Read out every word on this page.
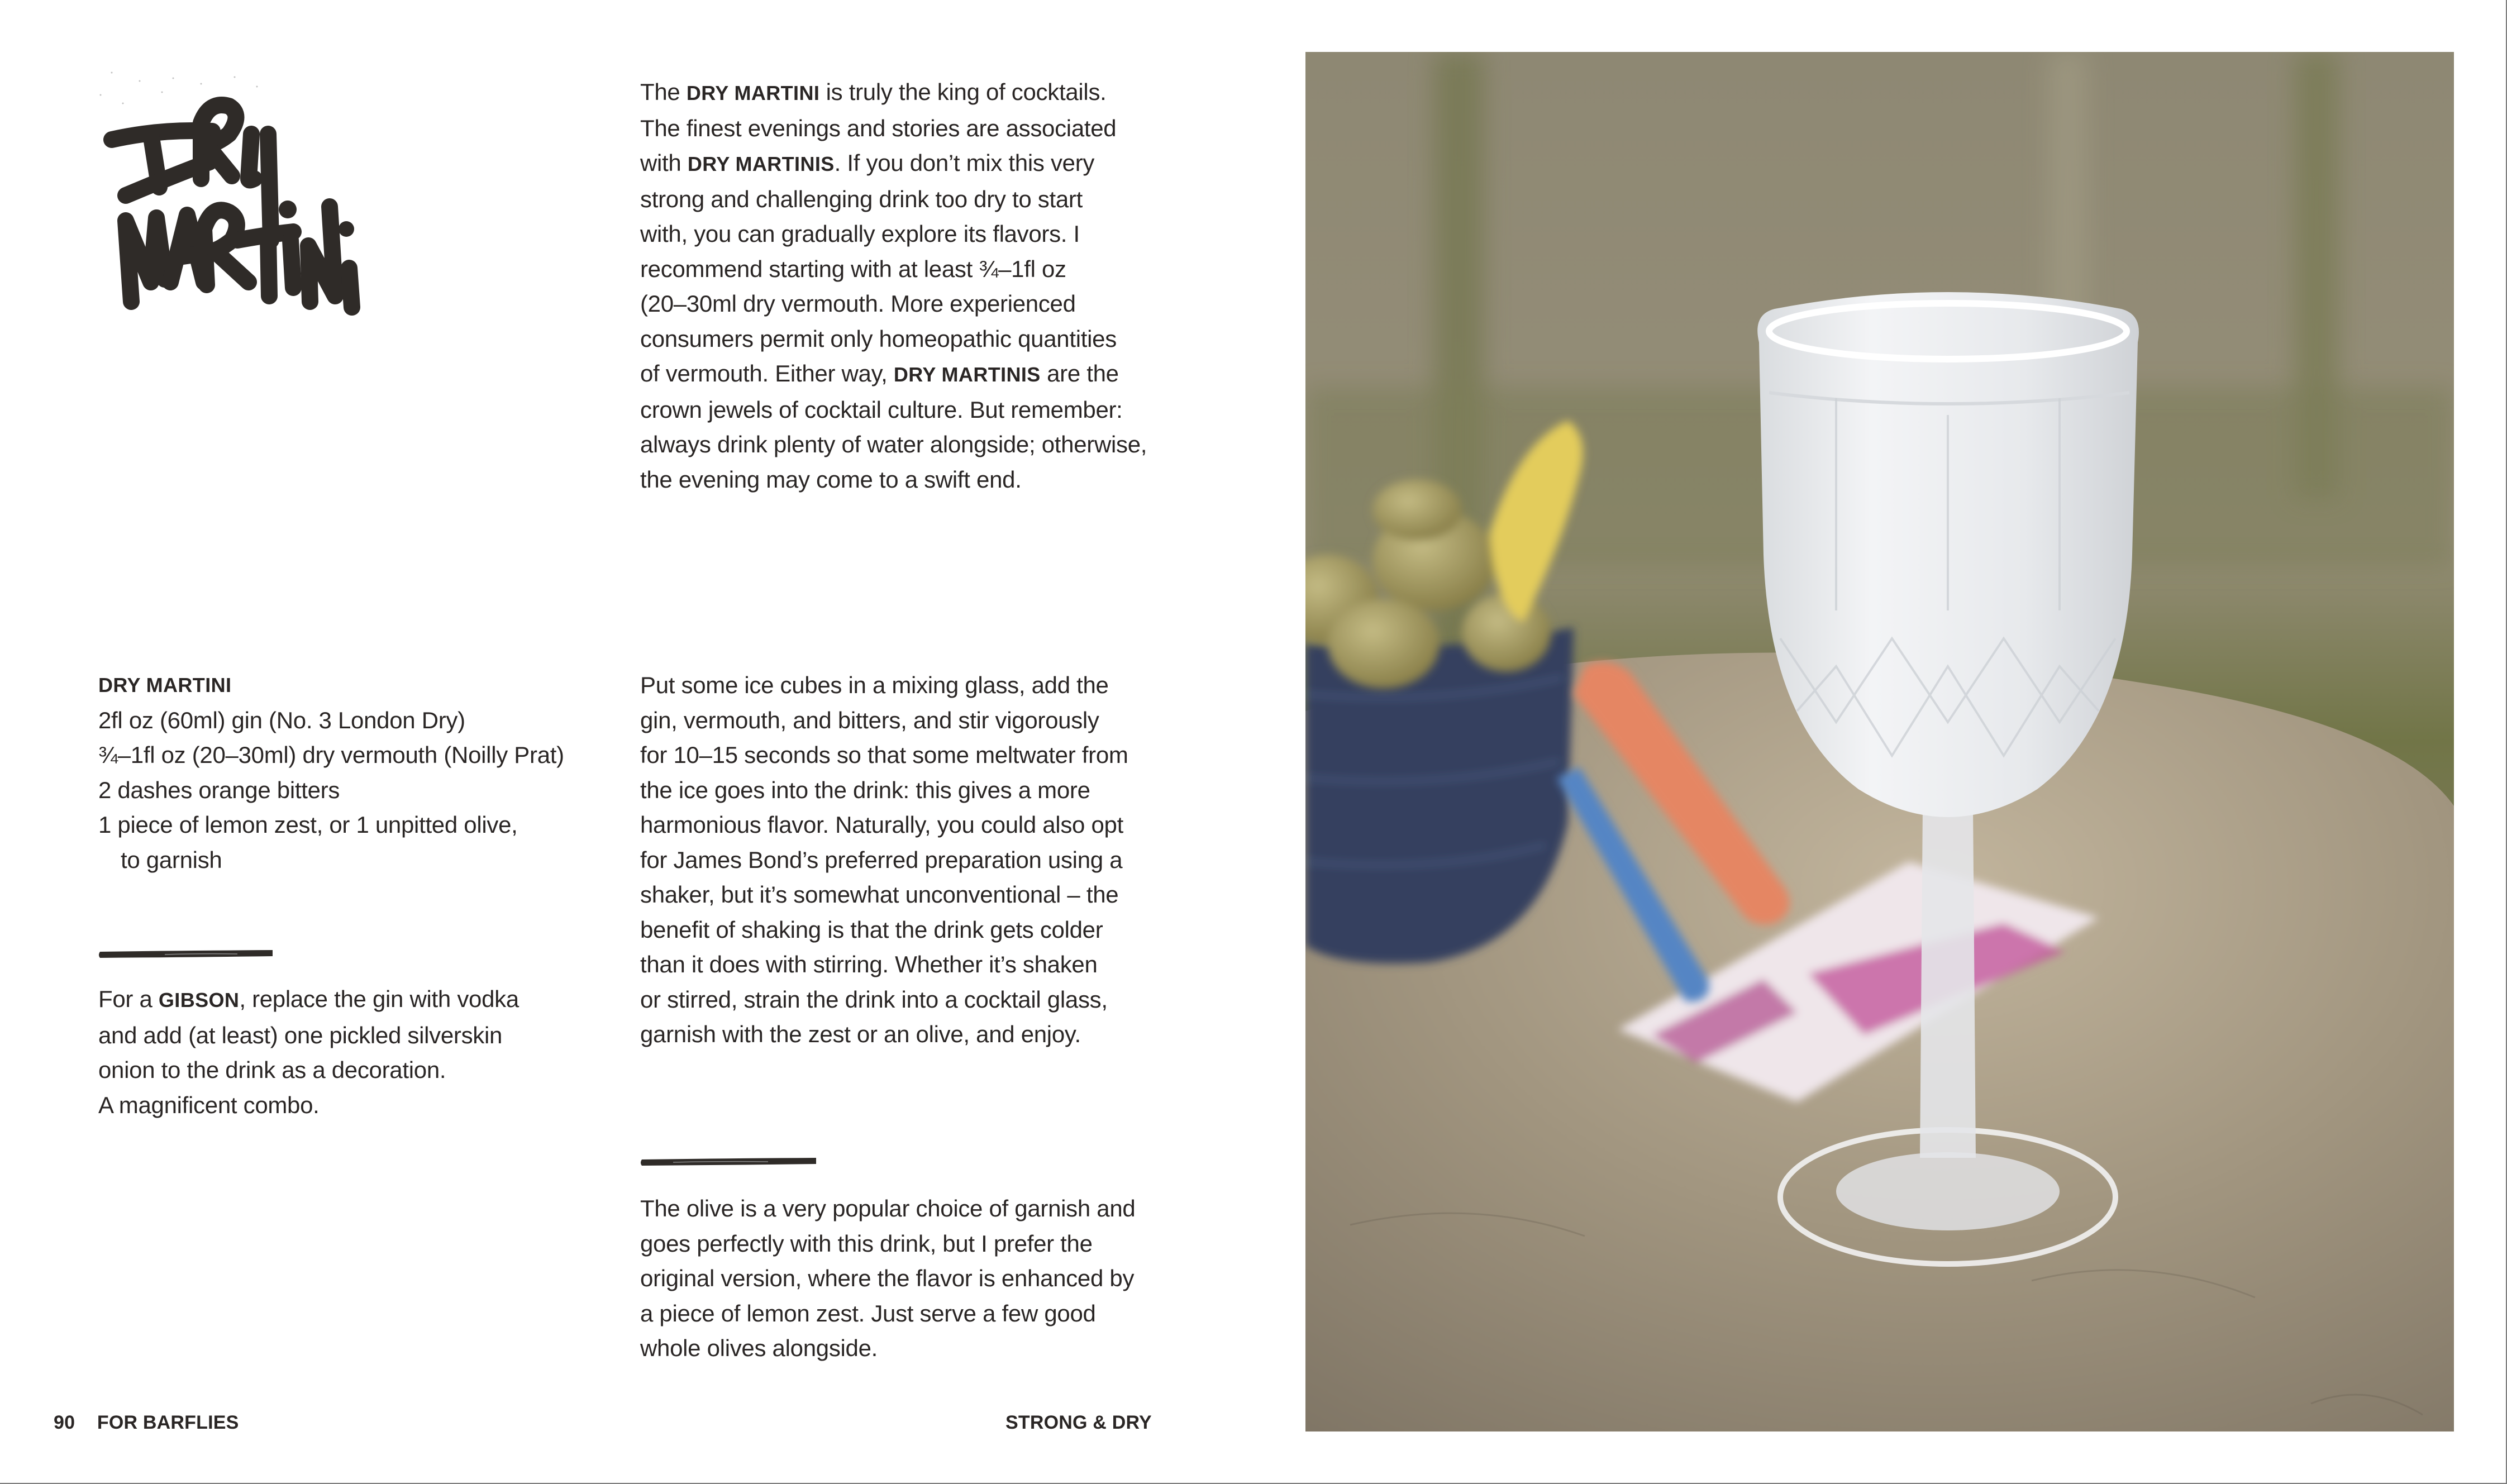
The DRY MARTINI is truly the king of cocktails.
The finest evenings and stories are associated
with DRY MARTINIS. If you don’t mix this very
strong and challenging drink too dry to start
with, you can gradually explore its flavors. I
recommend starting with at least ¾–1fl oz
(20–30ml dry vermouth. More experienced
consumers permit only homeopathic quantities
of vermouth. Either way, DRY MARTINIS are the
crown jewels of cocktail culture. But remember:
always drink plenty of water alongside; otherwise,
the evening may come to a swift end.
DRY MARTINI
2fl oz (60ml) gin (No. 3 London Dry)
¾–1fl oz (20–30ml) dry vermouth (Noilly Prat)
2 dashes orange bitters
1 piece of lemon zest, or 1 unpitted olive,
to garnish
For a GIBSON, replace the gin with vodka
and add (at least) one pickled silverskin
onion to the drink as a decoration.
A magnificent combo.
Put some ice cubes in a mixing glass, add the
gin, vermouth, and bitters, and stir vigorously
for 10–15 seconds so that some meltwater from
the ice goes into the drink: this gives a more
harmonious flavor. Naturally, you could also opt
for James Bond’s preferred preparation using a
shaker, but it’s somewhat unconventional – the
benefit of shaking is that the drink gets colder
than it does with stirring. Whether it’s shaken
or stirred, strain the drink into a cocktail glass,
garnish with the zest or an olive, and enjoy.
The olive is a very popular choice of garnish and
goes perfectly with this drink, but I prefer the
original version, where the flavor is enhanced by
a piece of lemon zest. Just serve a few good
whole olives alongside.
90 FOR BARFLIES	STRONG & DRY
